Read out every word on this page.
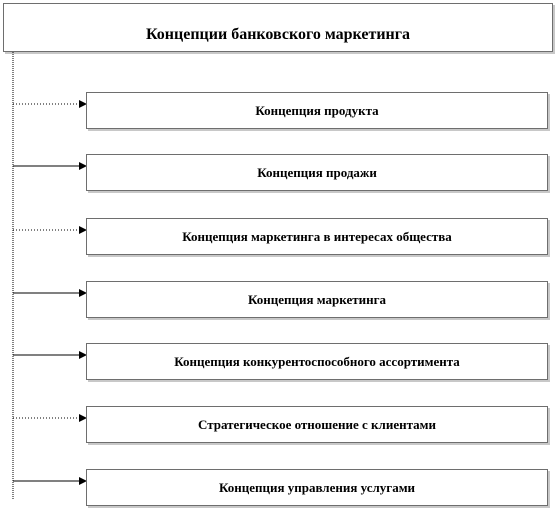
Концепции банковского маркетинга
Концепция продукта
Концепция продажи
Концепция маркетинга в интересах общества
Концепция маркетинга
Концепция конкурентоспособного ассортимента
Стратегическое отношение с клиентами
Концепция управления услугами
